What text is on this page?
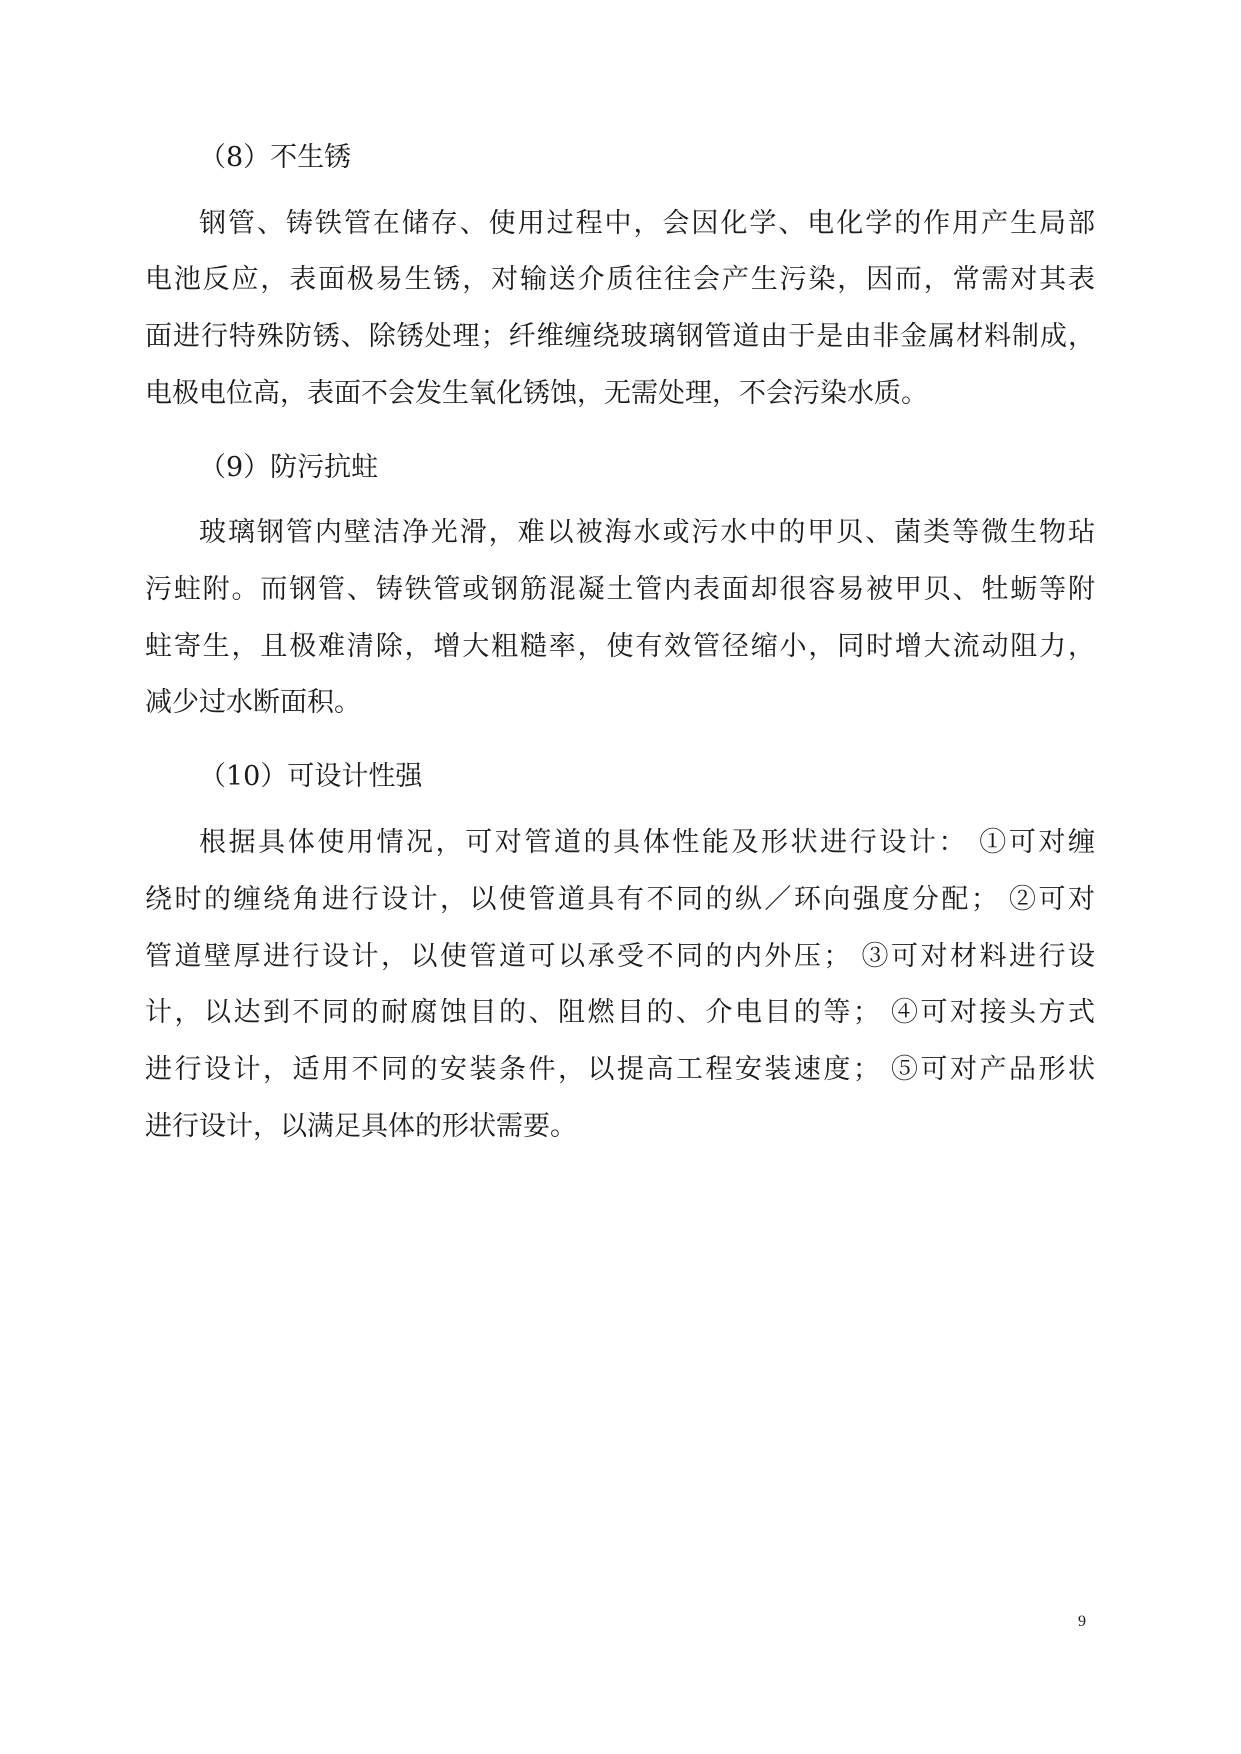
（8）不生锈
钢管、铸铁管在储存、使用过程中，会因化学、电化学的作用产生局部
电池反应，表面极易生锈，对输送介质往往会产生污染，因而，常需对其表
面进行特殊防锈、除锈处理；纤维缠绕玻璃钢管道由于是由非金属材料制成，
电极电位高，表面不会发生氧化锈蚀，无需处理，不会污染水质。
（9）防污抗蛀
玻璃钢管内壁洁净光滑，难以被海水或污水中的甲贝、菌类等微生物玷
污蛀附。而钢管、铸铁管或钢筋混凝土管内表面却很容易被甲贝、牡蛎等附
蛀寄生，且极难清除，增大粗糙率，使有效管径缩小，同时增大流动阻力，
减少过水断面积。
（10）可设计性强
根据具体使用情况，可对管道的具体性能及形状进行设计： ①可对缠
绕时的缠绕角进行设计，以使管道具有不同的纵／环向强度分配； ②可对
管道壁厚进行设计，以使管道可以承受不同的内外压； ③可对材料进行设
计，以达到不同的耐腐蚀目的、阻燃目的、介电目的等； ④可对接头方式
进行设计，适用不同的安装条件，以提高工程安装速度； ⑤可对产品形状
进行设计，以满足具体的形状需要。
9
